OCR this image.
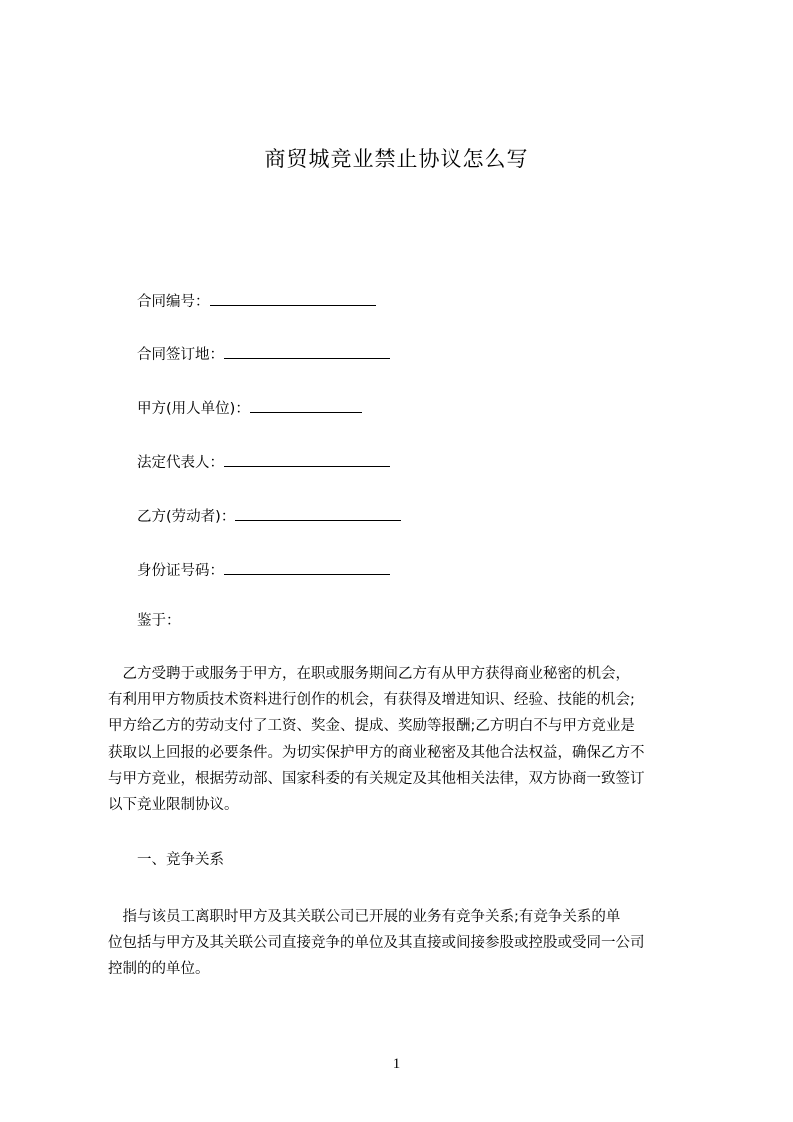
商贸城竞业禁止协议怎么写
合同编号：
合同签订地：
甲方(用人单位)：
法定代表人：
乙方(劳动者)：
身份证号码：
鉴于：
　乙方受聘于或服务于甲方，在职或服务期间乙方有从甲方获得商业秘密的机会，
有利用甲方物质技术资料进行创作的机会，有获得及增进知识、经验、技能的机会;
甲方给乙方的劳动支付了工资、奖金、提成、奖励等报酬;乙方明白不与甲方竞业是
获取以上回报的必要条件。为切实保护甲方的商业秘密及其他合法权益，确保乙方不
与甲方竞业，根据劳动部、国家科委的有关规定及其他相关法律，双方协商一致签订
以下竞业限制协议。
一、竞争关系
　指与该员工离职时甲方及其关联公司已开展的业务有竞争关系;有竞争关系的单
位包括与甲方及其关联公司直接竞争的单位及其直接或间接参股或控股或受同一公司
控制的的单位。
1
